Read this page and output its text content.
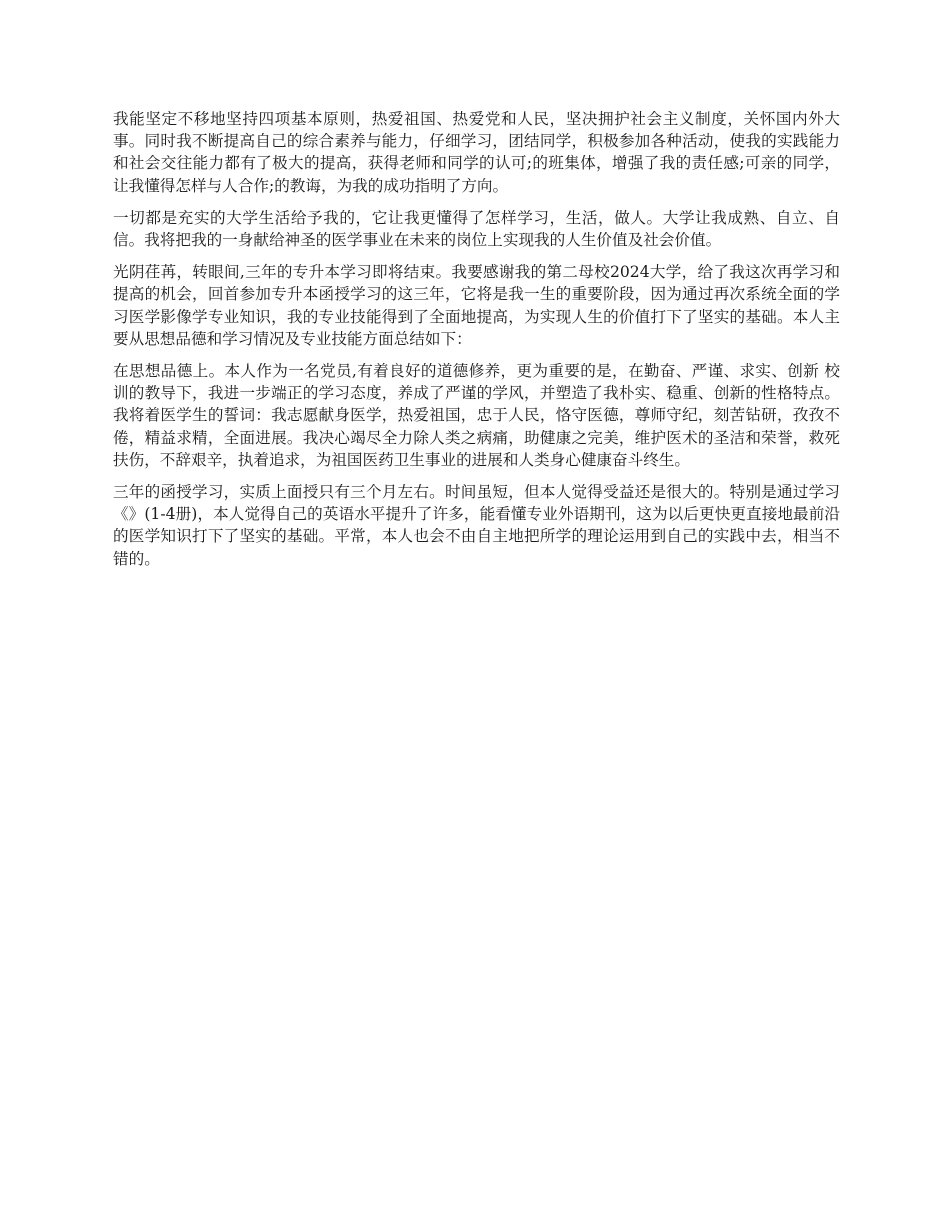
我能坚定不移地坚持四项基本原则，热爱祖国、热爱党和人民，坚决拥护社会主义制度，关怀国内外大事。同时我不断提高自己的综合素养与能力，仔细学习，团结同学，积极参加各种活动，使我的实践能力和社会交往能力都有了极大的提高，获得老师和同学的认可;的班集体，增强了我的责任感;可亲的同学，让我懂得怎样与人合作;的教诲，为我的成功指明了方向。

一切都是充实的大学生活给予我的，它让我更懂得了怎样学习，生活，做人。大学让我成熟、自立、自信。我将把我的一身献给神圣的医学事业在未来的岗位上实现我的人生价值及社会价值。

光阴荏苒，转眼间,三年的专升本学习即将结束。我要感谢我的第二母校2024大学，给了我这次再学习和提高的机会，回首参加专升本函授学习的这三年，它将是我一生的重要阶段，因为通过再次系统全面的学习医学影像学专业知识，我的专业技能得到了全面地提高，为实现人生的价值打下了坚实的基础。本人主要从思想品德和学习情况及专业技能方面总结如下：

在思想品德上。本人作为一名党员,有着良好的道德修养，更为重要的是，在勤奋、严谨、求实、创新 校训的教导下，我进一步端正的学习态度，养成了严谨的学风，并塑造了我朴实、稳重、创新的性格特点。我将着医学生的誓词：我志愿献身医学，热爱祖国，忠于人民，恪守医德，尊师守纪，刻苦钻研，孜孜不倦，精益求精，全面进展。我决心竭尽全力除人类之病痛，助健康之完美，维护医术的圣洁和荣誉，救死扶伤，不辞艰辛，执着追求，为祖国医药卫生事业的进展和人类身心健康奋斗终生。

三年的函授学习，实质上面授只有三个月左右。时间虽短，但本人觉得受益还是很大的。特别是通过学习《》(1-4册)，本人觉得自己的英语水平提升了许多，能看懂专业外语期刊，这为以后更快更直接地最前沿的医学知识打下了坚实的基础。平常，本人也会不由自主地把所学的理论运用到自己的实践中去，相当不错的。
